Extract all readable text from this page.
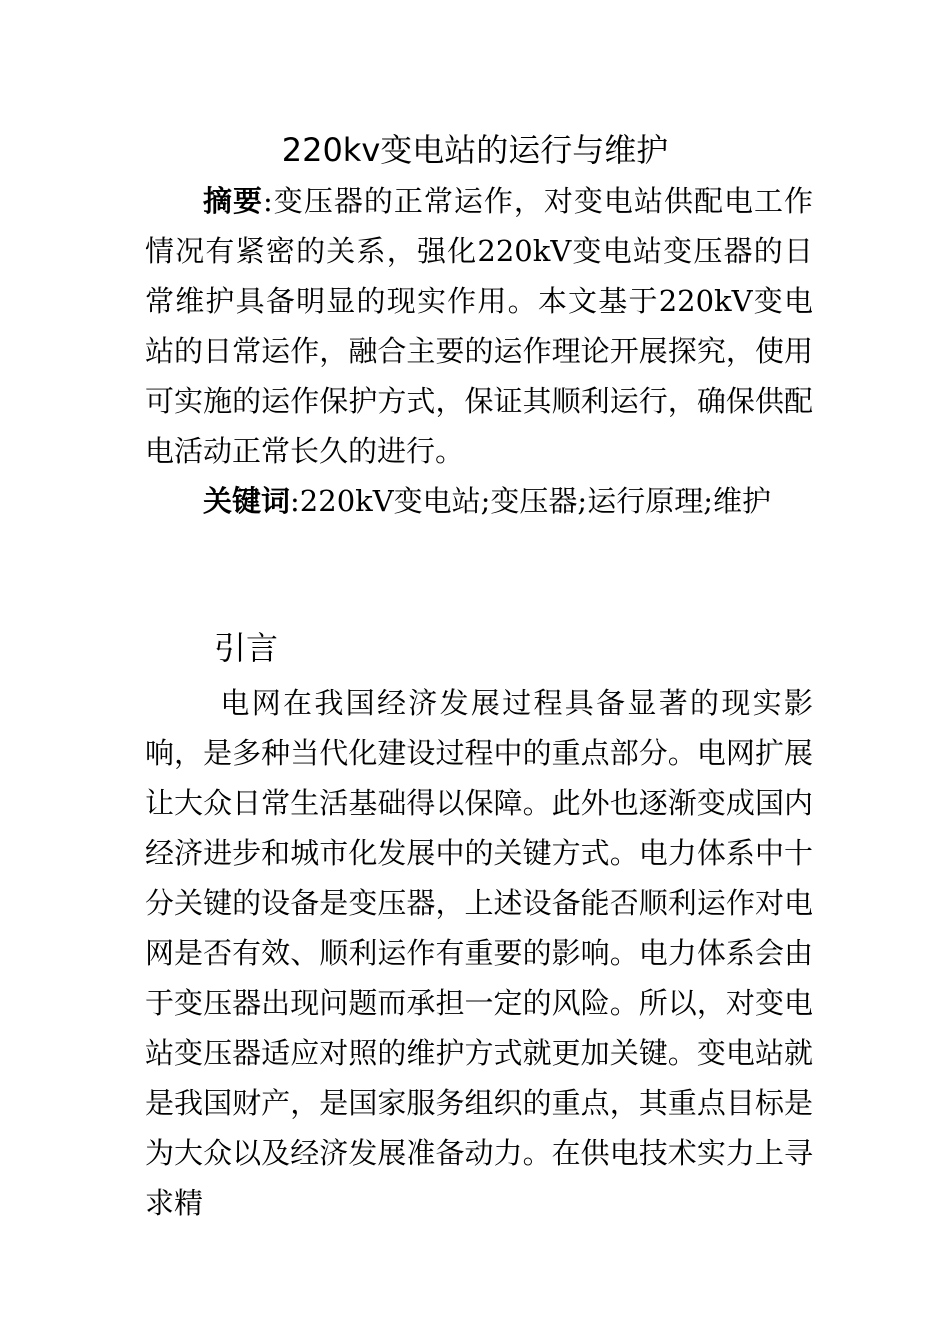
220kv变电站的运行与维护

摘要:变压器的正常运作，对变电站供配电工作情况有紧密的关系，强化220kV变电站变压器的日常维护具备明显的现实作用。本文基于220kV变电站的日常运作，融合主要的运作理论开展探究，使用可实施的运作保护方式，保证其顺利运行，确保供配电活动正常长久的进行。

关键词:220kV变电站;变压器;运行原理;维护

引言

电网在我国经济发展过程具备显著的现实影响，是多种当代化建设过程中的重点部分。电网扩展让大众日常生活基础得以保障。此外也逐渐变成国内经济进步和城市化发展中的关键方式。电力体系中十分关键的设备是变压器，上述设备能否顺利运作对电网是否有效、顺利运作有重要的影响。电力体系会由于变压器出现问题而承担一定的风险。所以，对变电站变压器适应对照的维护方式就更加关键。变电站就是我国财产，是国家服务组织的重点，其重点目标是为大众以及经济发展准备动力。在供电技术实力上寻求精
